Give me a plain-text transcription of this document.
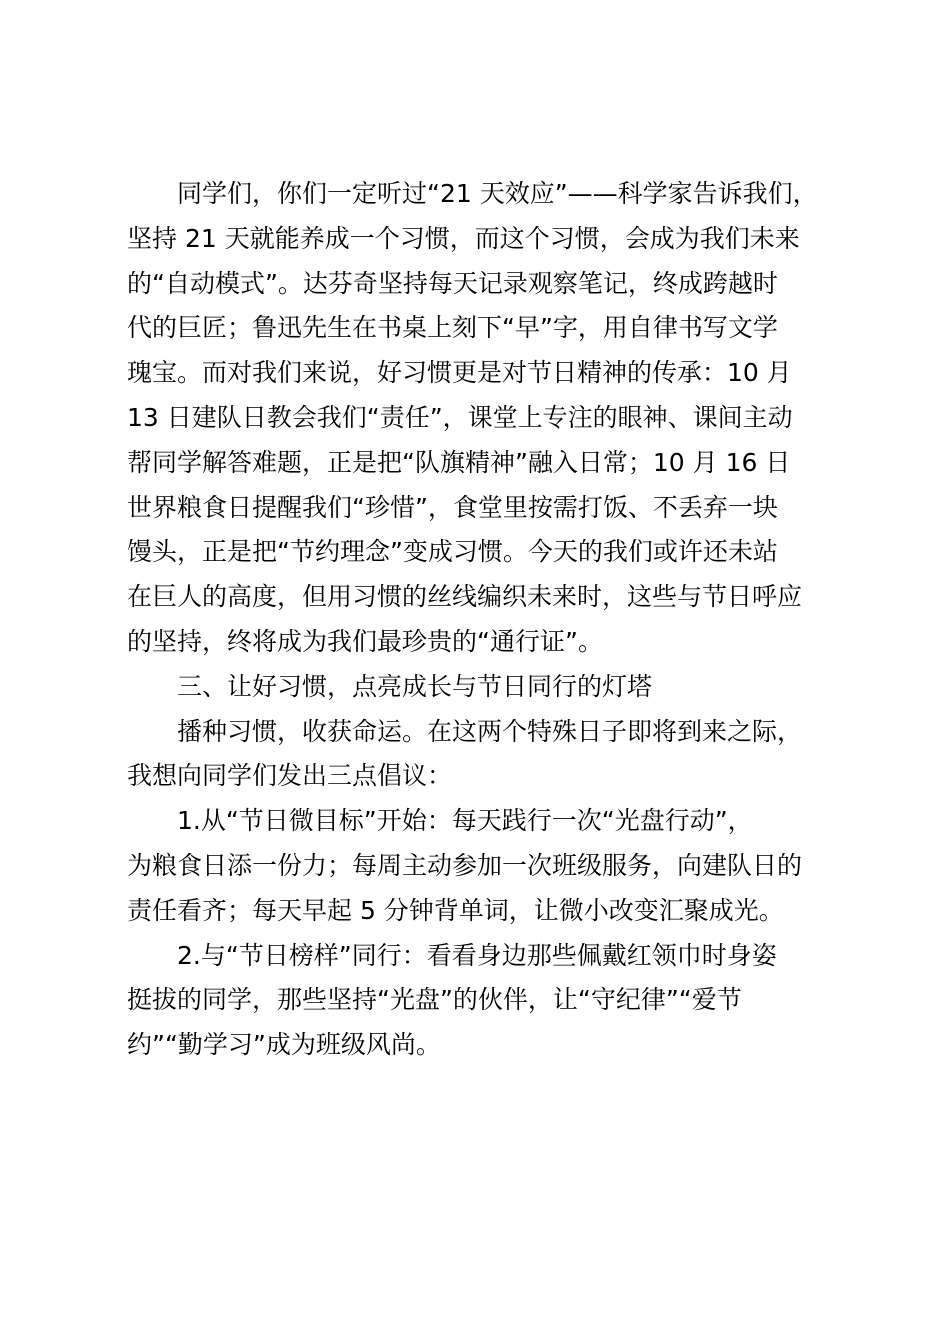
同学们，你们一定听过“21 天效应”——科学家告诉我们，
坚持 21 天就能养成一个习惯，而这个习惯，会成为我们未来
的“自动模式”。达芬奇坚持每天记录观察笔记，终成跨越时
代的巨匠；鲁迅先生在书桌上刻下“早”字，用自律书写文学
瑰宝。而对我们来说，好习惯更是对节日精神的传承：10 月
13 日建队日教会我们“责任”，课堂上专注的眼神、课间主动
帮同学解答难题，正是把“队旗精神”融入日常；10 月 16 日
世界粮食日提醒我们“珍惜”，食堂里按需打饭、不丢弃一块
馒头，正是把“节约理念”变成习惯。今天的我们或许还未站
在巨人的高度，但用习惯的丝线编织未来时，这些与节日呼应
的坚持，终将成为我们最珍贵的“通行证”。
三、让好习惯，点亮成长与节日同行的灯塔
播种习惯，收获命运。在这两个特殊日子即将到来之际，
我想向同学们发出三点倡议：
1.从“节日微目标”开始：每天践行一次“光盘行动”，
为粮食日添一份力；每周主动参加一次班级服务，向建队日的
责任看齐；每天早起 5 分钟背单词，让微小改变汇聚成光。
2.与“节日榜样”同行：看看身边那些佩戴红领巾时身姿
挺拔的同学，那些坚持“光盘”的伙伴，让“守纪律”“爱节
约”“勤学习”成为班级风尚。
